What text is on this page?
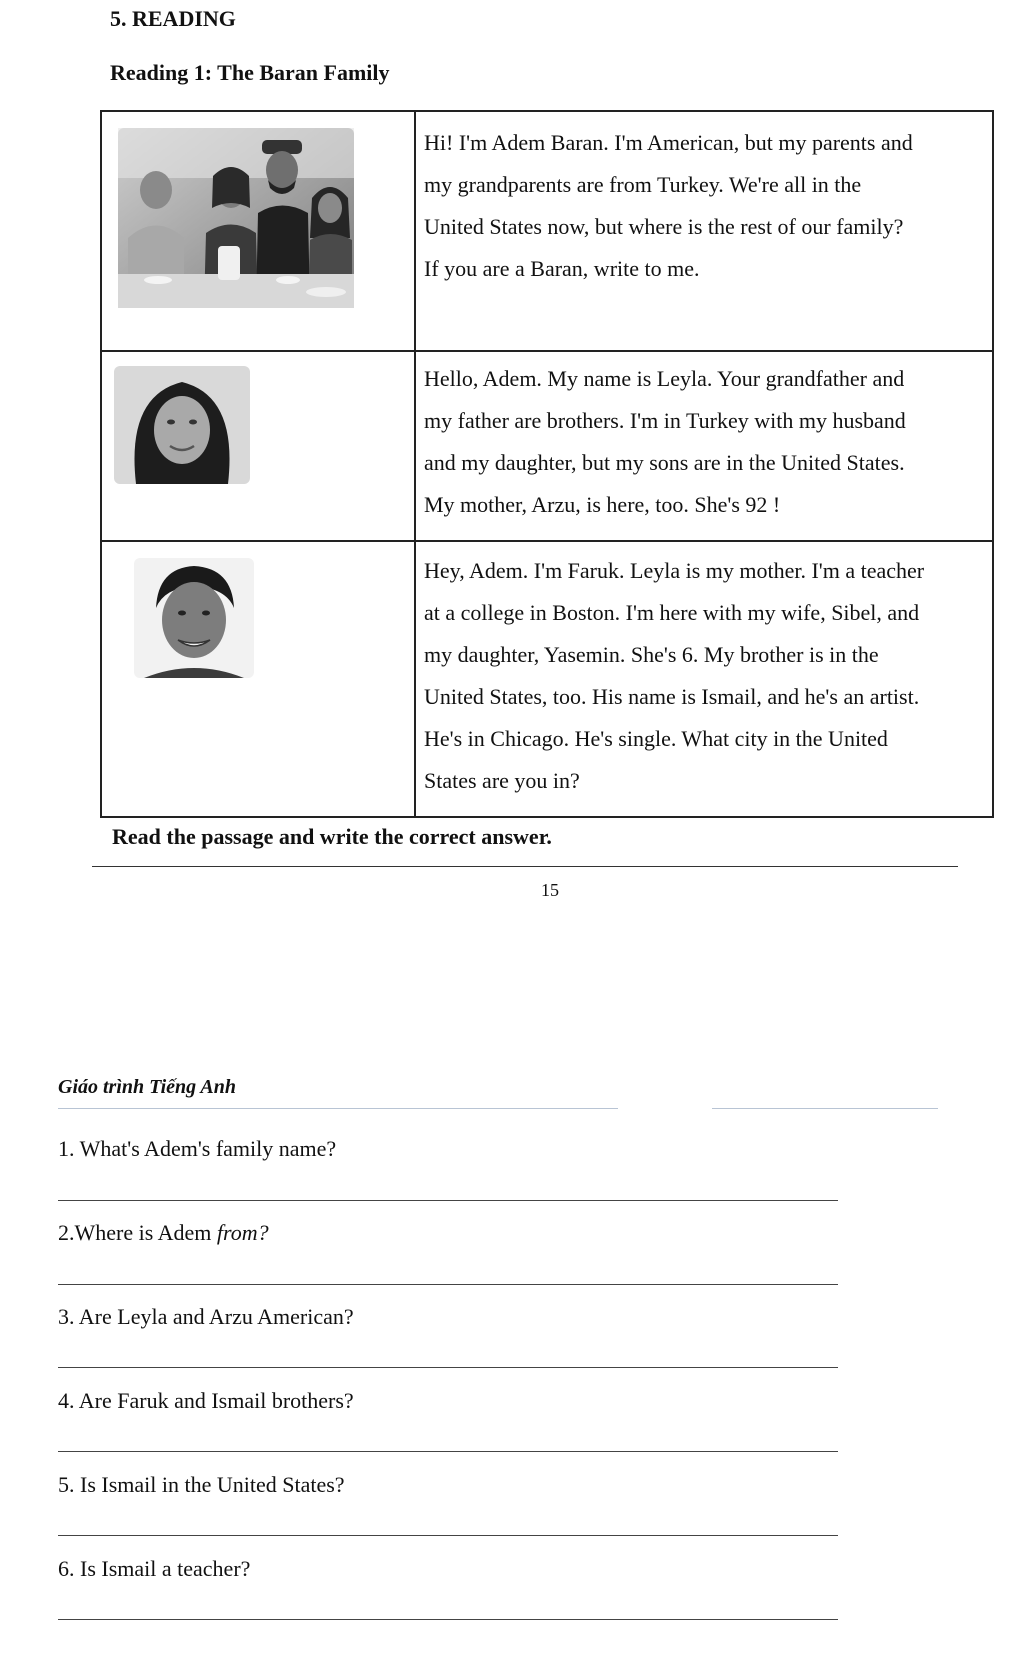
5. READING
Reading 1: The Baran Family
Hi! I'm Adem Baran. I'm American, but my parents and
my grandparents are from Turkey. We're all in the
United States now, but where is the rest of our family?
If you are a Baran, write to me.
Hello, Adem. My name is Leyla. Your grandfather and
my father are brothers. I'm in Turkey with my husband
and my daughter, but my sons are in the United States.
My mother, Arzu, is here, too. She's 92 !
Hey, Adem. I'm Faruk. Leyla is my mother. I'm a teacher
at a college in Boston. I'm here with my wife, Sibel, and
my daughter, Yasemin. She's 6. My brother is in the
United States, too. His name is Ismail, and he's an artist.
He's in Chicago. He's single. What city in the United
States are you in?
Read the passage and write the correct answer.
15
Giáo trình Tiếng Anh
1. What's Adem's family name?
2.Where is Adem from?
3. Are Leyla and Arzu American?
4. Are Faruk and Ismail brothers?
5. Is Ismail in the United States?
6. Is Ismail a teacher?
